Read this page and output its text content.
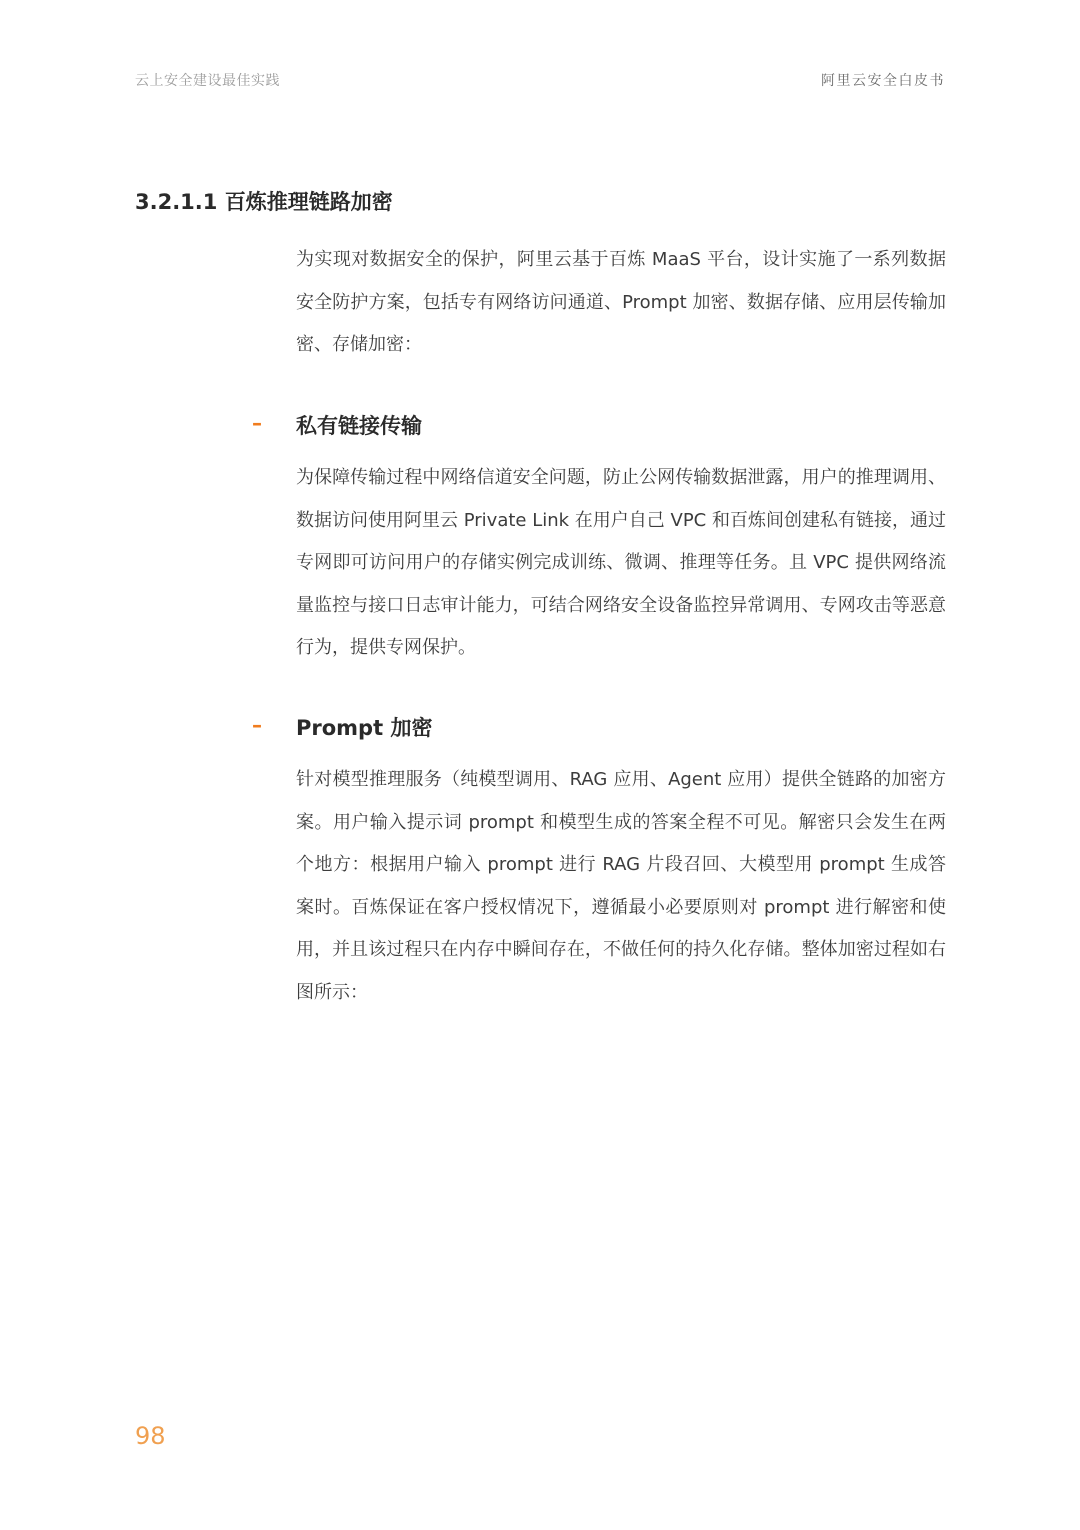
云上安全建设最佳实践	阿里云安全白皮书
3.2.1.1 百炼推理链路加密

为实现对数据安全的保护，阿里云基于百炼 MaaS 平台，设计实施了一系列数据安全防护方案，包括专有网络访问通道、Prompt 加密、数据存储、应用层传输加密、存储加密：

– 私有链接传输

为保障传输过程中网络信道安全问题，防止公网传输数据泄露，用户的推理调用、数据访问使用阿里云 Private Link 在用户自己 VPC 和百炼间创建私有链接，通过专网即可访问用户的存储实例完成训练、微调、推理等任务。且 VPC 提供网络流量监控与接口日志审计能力，可结合网络安全设备监控异常调用、专网攻击等恶意行为，提供专网保护。

– Prompt 加密

针对模型推理服务（纯模型调用、RAG 应用、Agent 应用）提供全链路的加密方案。用户输入提示词 prompt 和模型生成的答案全程不可见。解密只会发生在两个地方：根据用户输入 prompt 进行 RAG 片段召回、大模型用 prompt 生成答案时。百炼保证在客户授权情况下，遵循最小必要原则对 prompt 进行解密和使用，并且该过程只在内存中瞬间存在，不做任何的持久化存储。整体加密过程如右图所示：

98
